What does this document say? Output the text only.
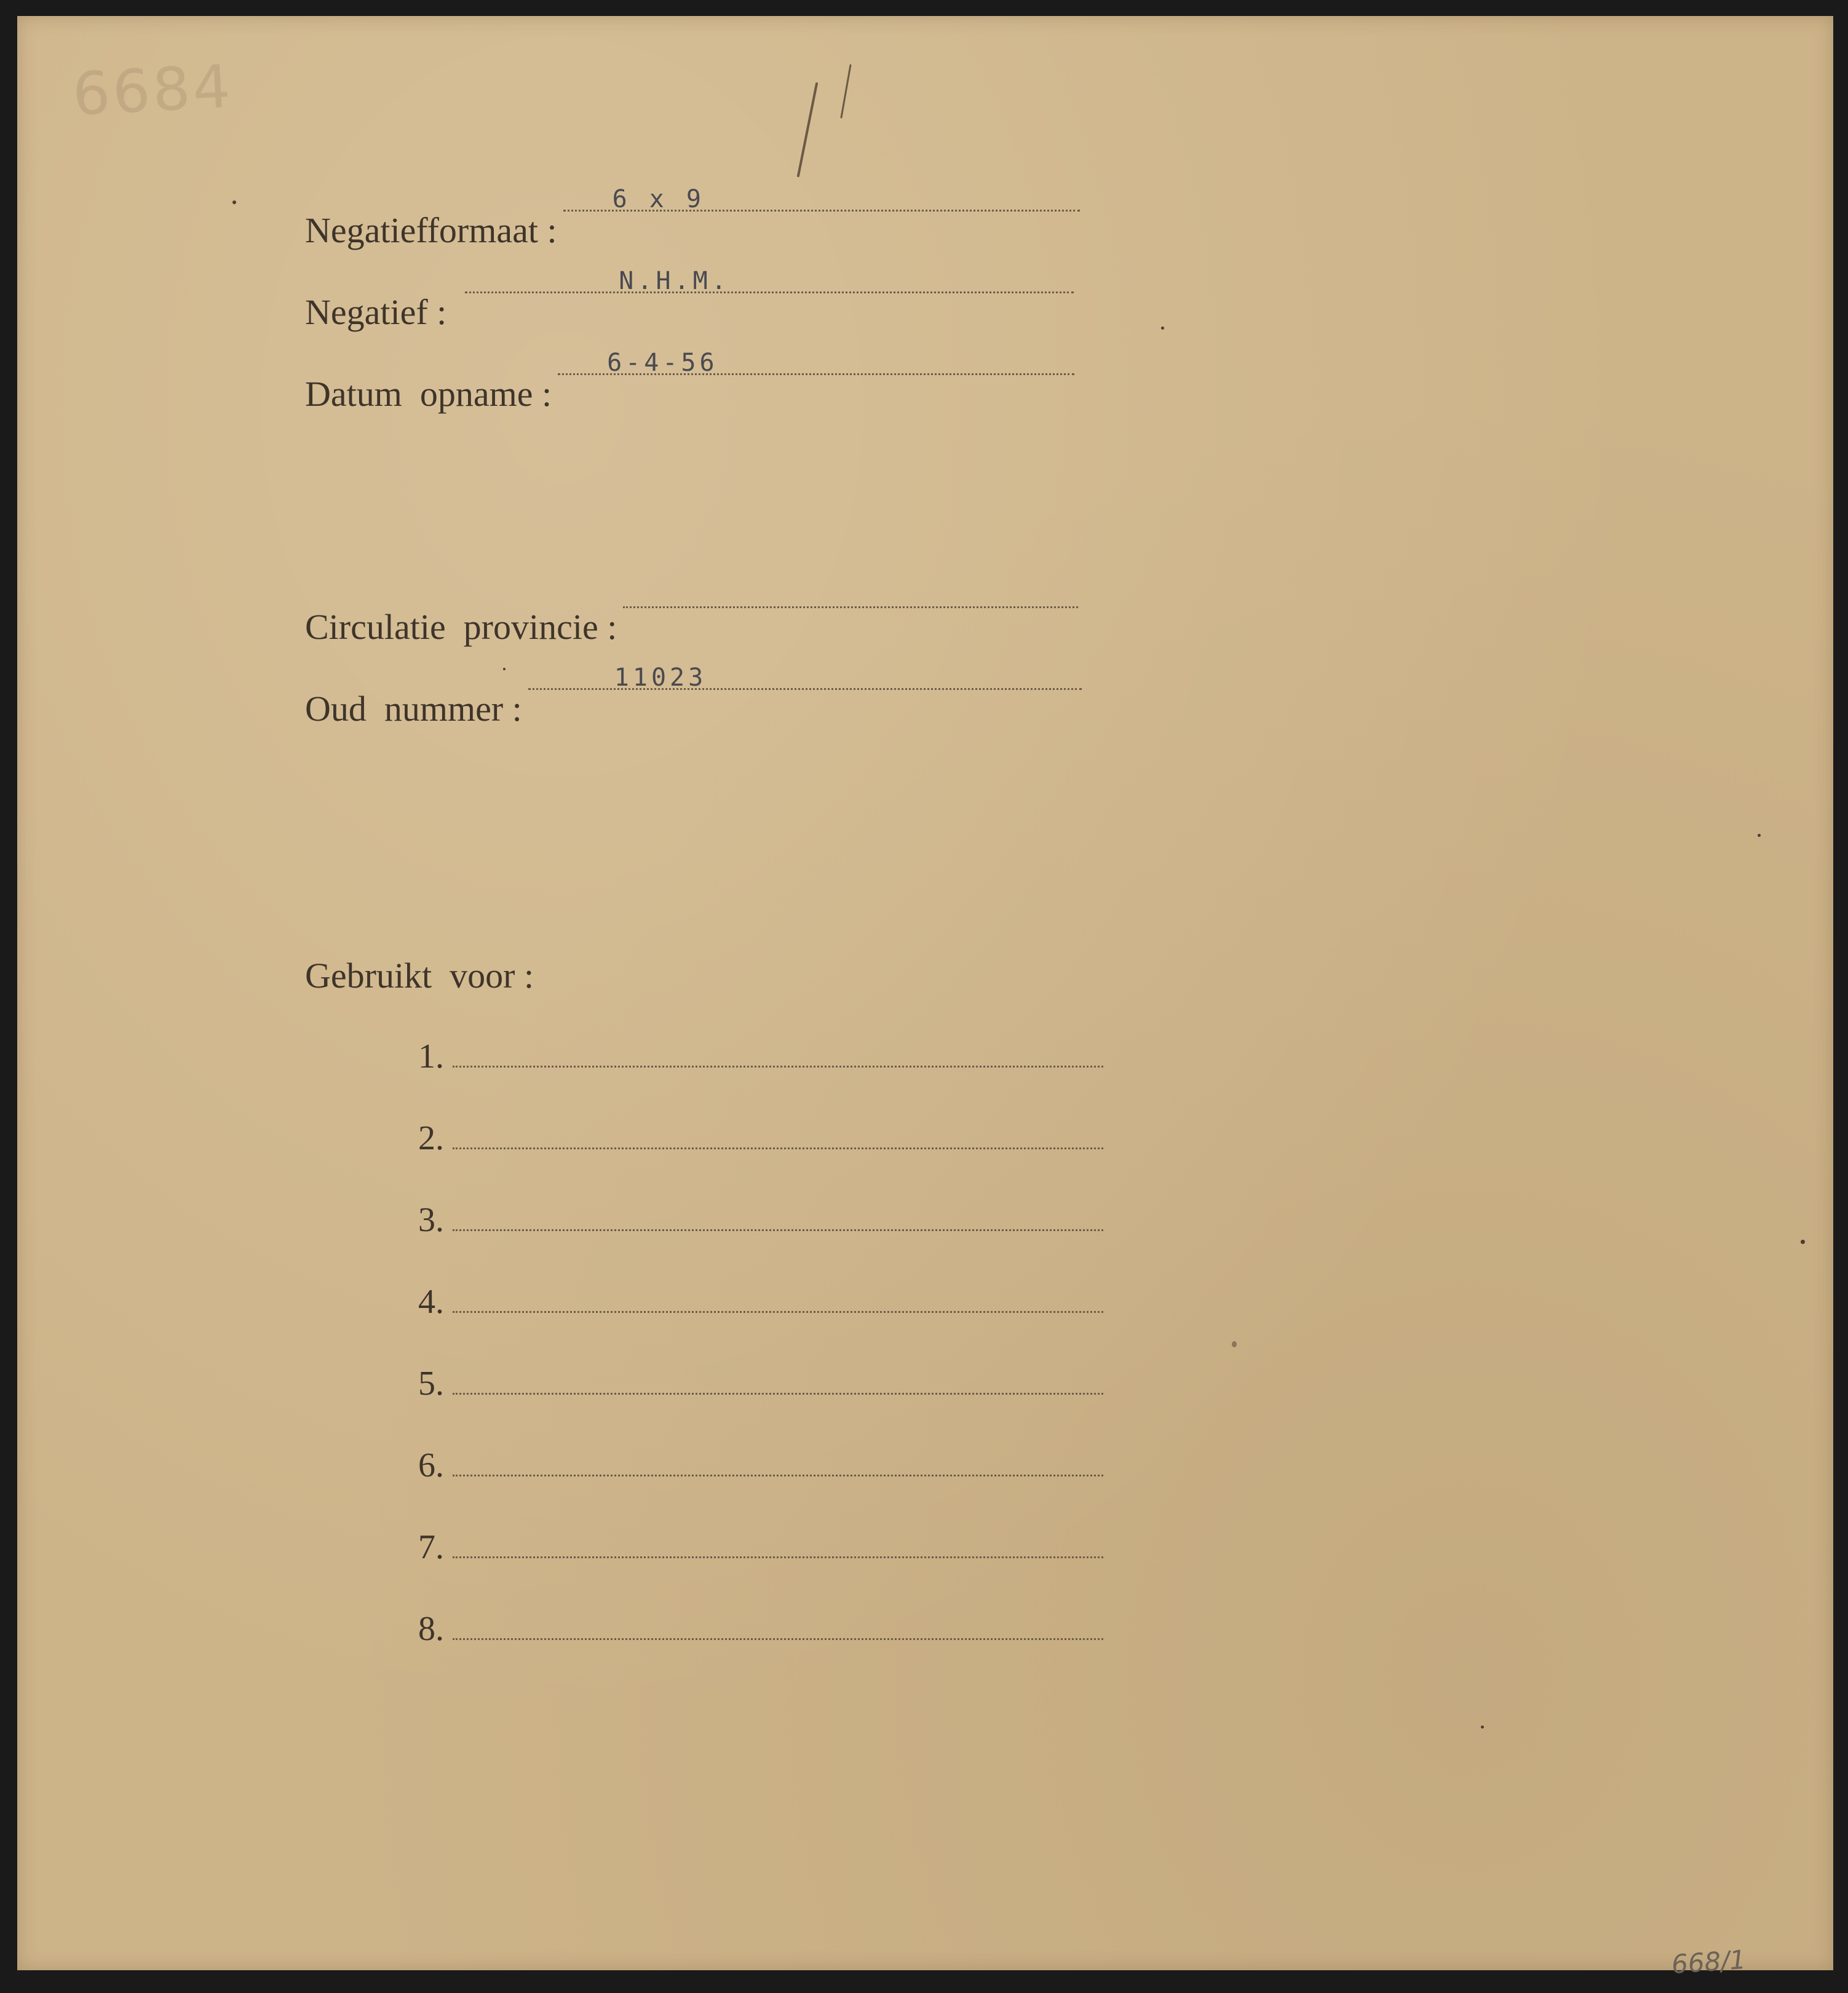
6684
Negatiefformaat :

6 x 9

Negatief :

N.H.M.

Datum  opname :

6-4-56

Circulatie  provincie :

Oud  nummer :

11023

Gebruikt  voor :
1.
2.
3.
4.
5.
6.
7.
8.
668/1
